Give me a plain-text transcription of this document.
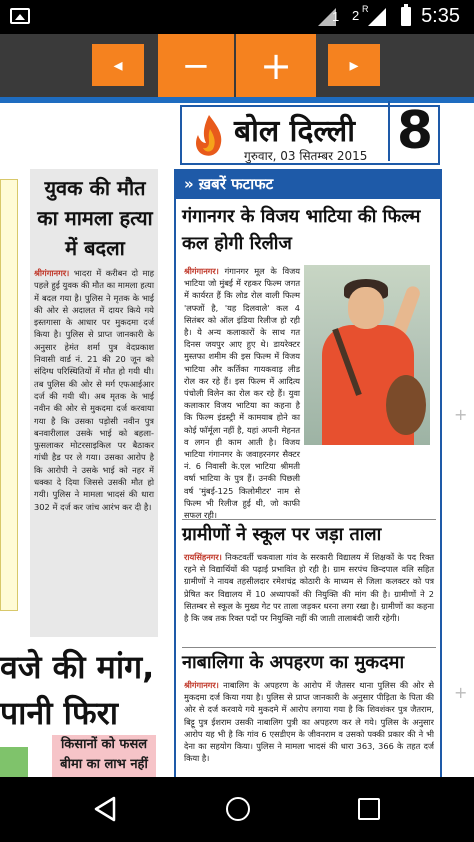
1 2 R	5:35
◂ − +	▸
बोल दिल्ली
गुरुवार, 03 सितम्बर 2015 8
युवक की मौत का मामला हत्या में बदला
श्रीगंगानगर। भादरा में करीबन दो माह पहले हुई युवक की मौत का मामला हत्या में बदल गया है। पुलिस ने मृतक के भाई की ओर से अदालत में दायर किये गये इस्तगासा के आधार पर मुकदमा दर्ज किया है। पुलिस से प्राप्त जानकारी के अनुसार हेमंत शर्मा पुत्र वेदप्रकाश निवासी वार्ड नं. 21 की 20 जून को संदिग्ध परिस्थितियों में मौत हो गयी थी। तब पुलिस की ओर से मर्ग एफआईआर दर्ज की गयी थी। अब मृतक के भाई नवीन की ओर से मुकदमा दर्ज करवाया गया है कि उसका पड़ोसी नवीन पुत्र बनवारीलाल उसके भाई को बहला-फुसलाकर मोटरसाइकिल पर बैठाकर गांधी हैड पर ले गया। उसका आरोप है कि आरोपी ने उसके भाई को नहर में धक्का दे दिया जिससे उसकी मौत हो गयी। पुलिस ने मामला भादसं की धारा 302 में दर्ज कर जांच आरंभ कर दी है।
वजे की मांग,
पानी फिरा
किसानों को फसल
बीमा का लाभ नहीं
» ख़बरें फटाफट
गंगानगर के विजय भाटिया की फिल्म कल होगी रिलीज
श्रीगंगानगर। गंगानगर मूल के विजय भाटिया जो मुंबई में रहकर फिल्म जगत में कार्यरत हैं कि लोड रोल वाली फिल्म 'लफ्जों है, 'यह दिलवाले' कल 4 सितंबर को ऑल इंडिया रिलीज हो रही है। ये अन्य कलाकारों के साथ गत दिनस जयपुर आए हुए थे। डायरेक्टर मुस्तफा शमीम की इस फिल्म में विजय भाटिया और कर्तिका गायकवाड़ लीड रोल कर रहे हैं। इस फिल्म में आदित्य पंचोली विलेन का रोल कर रहे हैं। युवा कलाकार विजय भाटिया का कहना है कि फिल्म इंडस्ट्री में कामयाब होने का कोई फॉर्मूला नहीं है, यहां अपनी मेहनत व लगन ही काम आती है। विजय भाटिया गंगानगर के जवाहरनगर सैक्टर नं. 6 निवासी के.एल भाटिया श्रीमती वर्षा भाटिया के पुत्र हैं। उनकी पिछली वर्ष 'मुंबई-125 किलोमीटर' नाम से फिल्म भी रिलीज हुई थी, जो काफी सफल रही।
ग्रामीणों ने स्कूल पर जड़ा ताला
रायसिंहनगर। निकटवर्ती चकवाला गांव के सरकारी विद्यालय में शिक्षकों के पद रिक्त रहने से विद्यार्थियों की पढ़ाई प्रभावित हो रही है। ग्राम सरपंच छिन्दपाल वलि सहित ग्रामीणों ने नायब तहसीलदार रमेशचंद्र कोठारी के माध्यम से जिला कलक्टर को पत्र प्रेषित कर विद्यालय में 10 अध्यापकों की नियुक्ति की मांग की है। ग्रामीणों ने 2 सितम्बर से स्कूल के मुख्य गेट पर ताला जड़कर धरना लगा रखा है। ग्रामीणों का कहना है कि जब तक रिक्त पदों पर नियुक्ति नहीं की जाती तालाबंदी जारी रहेगी।
नाबालिगा के अपहरण का मुकदमा
श्रीगंगानगर। नाबालिग के अपहरण के आरोप में जैतसर थाना पुलिस की ओर से मुकदमा दर्ज किया गया है। पुलिस से प्राप्त जानकारी के अनुसार पीड़िता के पिता की ओर से दर्ज करवाये गये मुकदमे में आरोप लगाया गया है कि शिवशंकर पुत्र जैतराम, बिट्टू पुत्र ईशराम उसकी नाबालिग पुत्री का अपहरण कर ले गये। पुलिस के अनुसार आरोप यह भी है कि गांव 6 एसडीएम के जीवनराम व उसको पक्की प्रकार की ने भी देना का सहयोग किया। पुलिस ने मामला भादसं की धारा 363, 366 के तहत दर्ज किया है।
+
+
